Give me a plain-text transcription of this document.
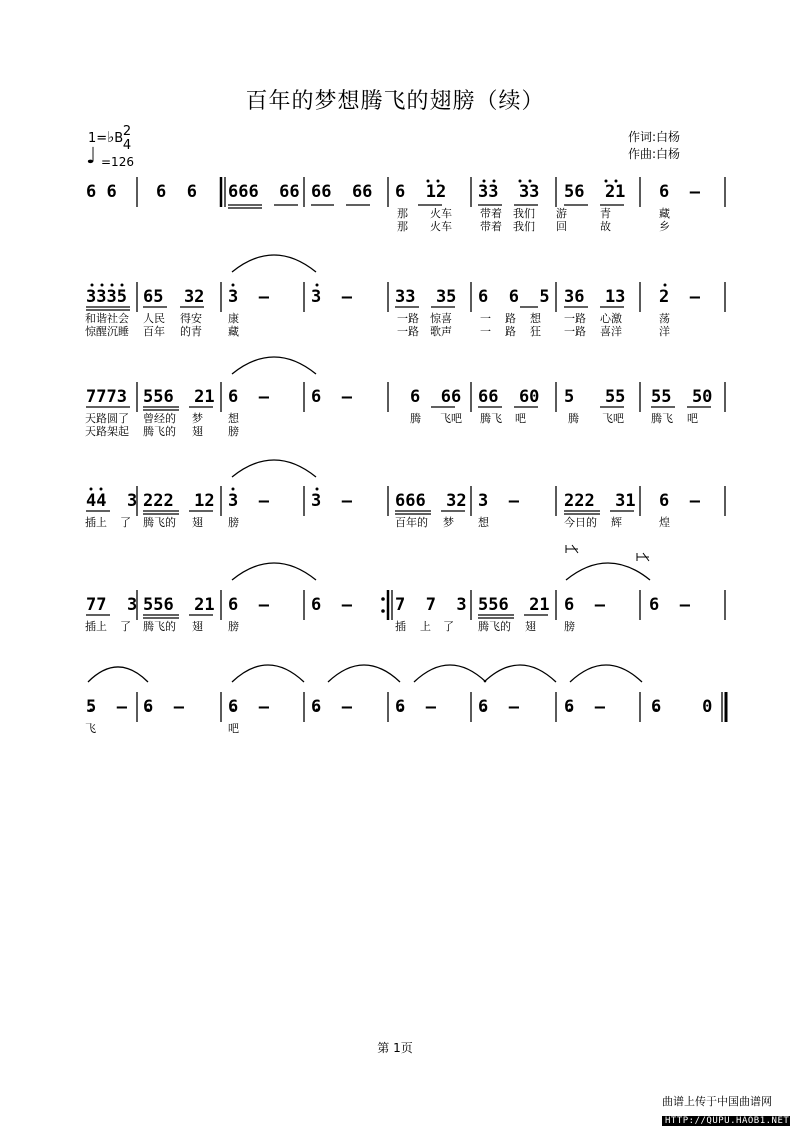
百年的梦想腾飞的翅膀（续）
1=♭B 2
4
♩ =126
作词:白杨
作曲:白杨
6 6 6  6 666  66 66  66 6  12 33  33 56  21 6  —
那 火车	带着 我们 游	青	藏
那 火车	带着 我们 回	故	乡
3335 65  32 3  — 3  —	33  35 6  6  5 36  13 2  —
和谐社会 人民 得安 康	一路 惊喜	一 路 想 一路 心激	荡
惊醒沉睡 百年 的青 藏	一路 歌声	一 路 狂 一路 喜洋	洋
7773 556  21 6  — 6  —	6  66 66  60 5   55 55  50
天路圆了 曾经的 梦 想	腾 飞吧 腾飞 吧	腾 飞吧 腾飞 吧
天路架起 腾飞的 翅 膀
44  3 222  12 3  — 3  —	666  32 3  —	222  31 6  —
插上 了 腾飞的 翅 膀	百年的 梦 想	今日的 辉	煌
77  3 556  21 6  — 6  —	7  7  3 556  21 6  —	6  —
插上 了 腾飞的 翅 膀	插 上 了 腾飞的 翅	膀
5  — 6  —	6  — 6  —	6  — 6  —	6  —	6    0
飞	吧
第 1页
曲谱上传于中国曲谱网
HTTP://QUPU.HAOB1.NET
